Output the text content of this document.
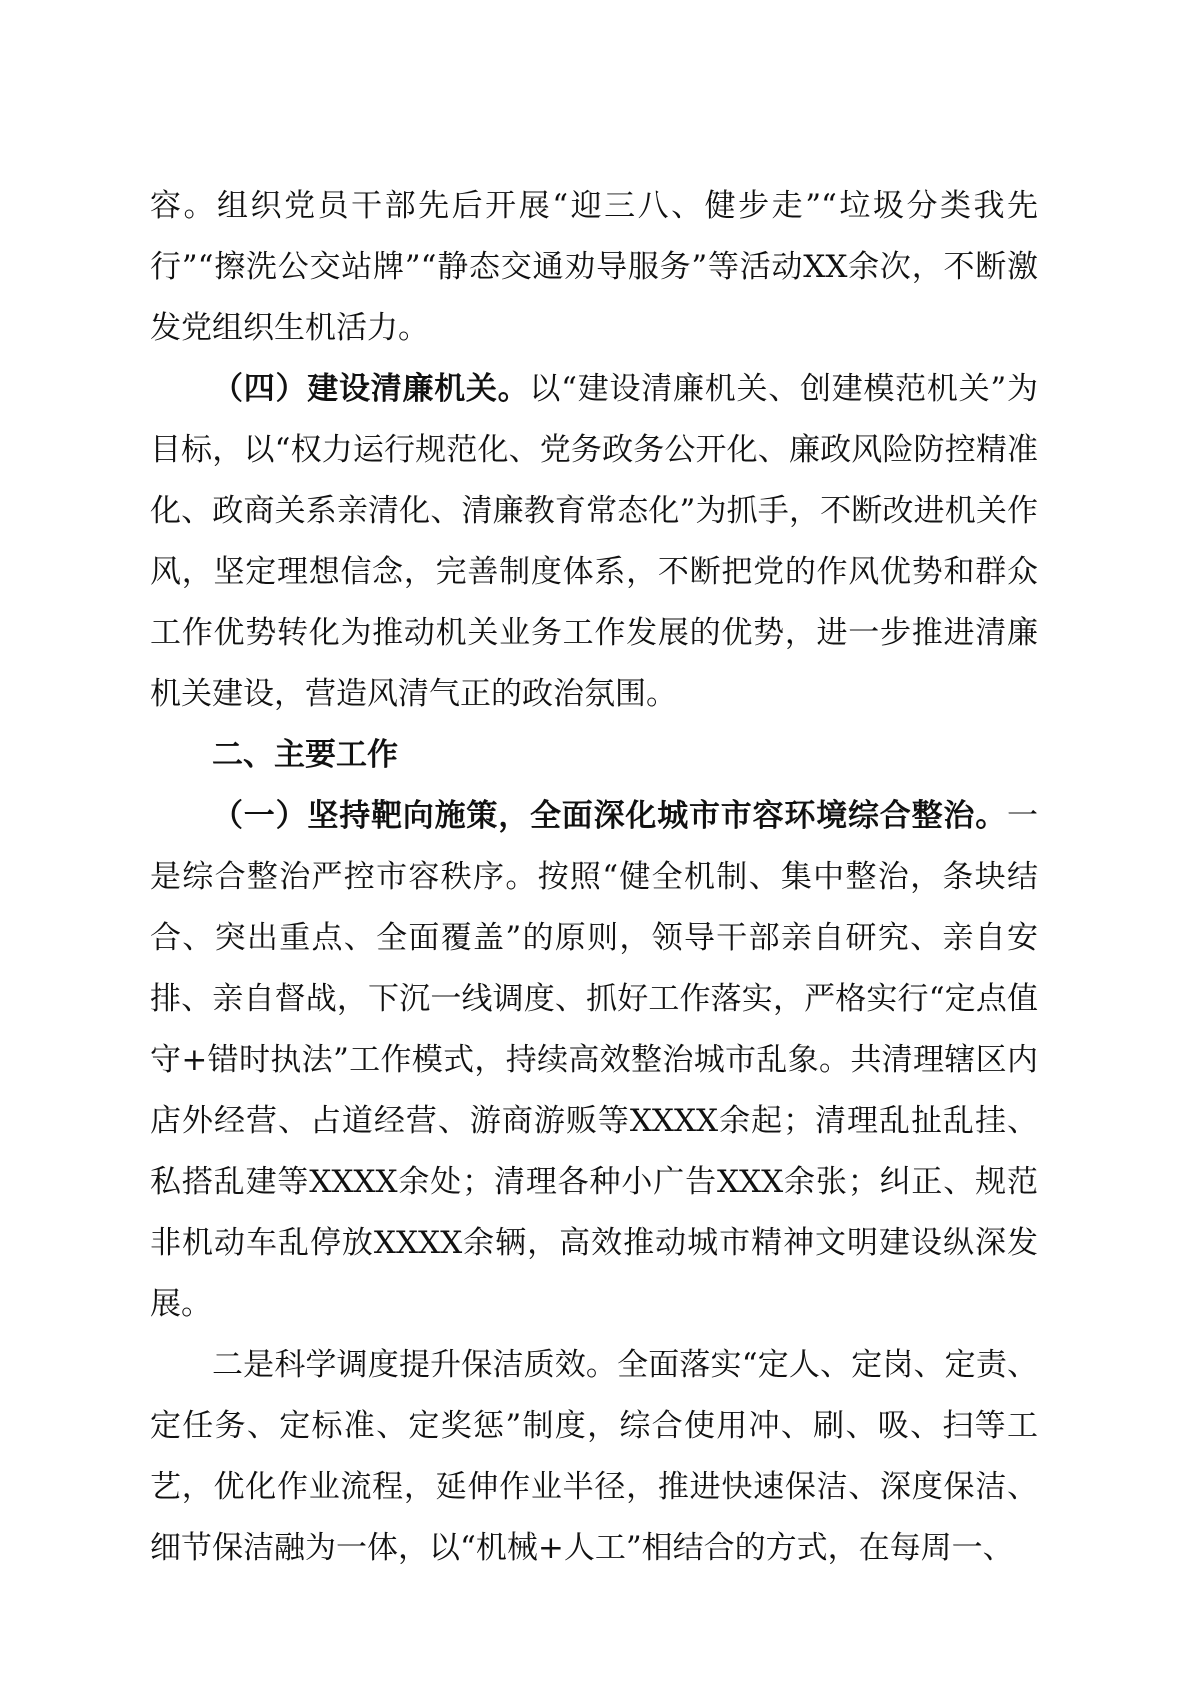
容。组织党员干部先后开展“迎三八、健步走”“垃圾分类我先行”“擦洗公交站牌”“静态交通劝导服务”等活动XX余次，不断激发党组织生机活力。

（四）建设清廉机关。以“建设清廉机关、创建模范机关”为目标，以“权力运行规范化、党务政务公开化、廉政风险防控精准化、政商关系亲清化、清廉教育常态化”为抓手，不断改进机关作风，坚定理想信念，完善制度体系，不断把党的作风优势和群众工作优势转化为推动机关业务工作发展的优势，进一步推进清廉机关建设，营造风清气正的政治氛围。

二、主要工作

（一）坚持靶向施策，全面深化城市市容环境综合整治。一是综合整治严控市容秩序。按照“健全机制、集中整治，条块结合、突出重点、全面覆盖”的原则，领导干部亲自研究、亲自安排、亲自督战，下沉一线调度、抓好工作落实，严格实行“定点值守+错时执法”工作模式，持续高效整治城市乱象。共清理辖区内店外经营、占道经营、游商游贩等XXXX余起；清理乱扯乱挂、私搭乱建等XXXX余处；清理各种小广告XXX余张；纠正、规范非机动车乱停放XXXX余辆，高效推动城市精神文明建设纵深发展。

二是科学调度提升保洁质效。全面落实“定人、定岗、定责、定任务、定标准、定奖惩”制度，综合使用冲、刷、吸、扫等工艺，优化作业流程，延伸作业半径，推进快速保洁、深度保洁、细节保洁融为一体，以“机械+人工”相结合的方式，在每周一、
